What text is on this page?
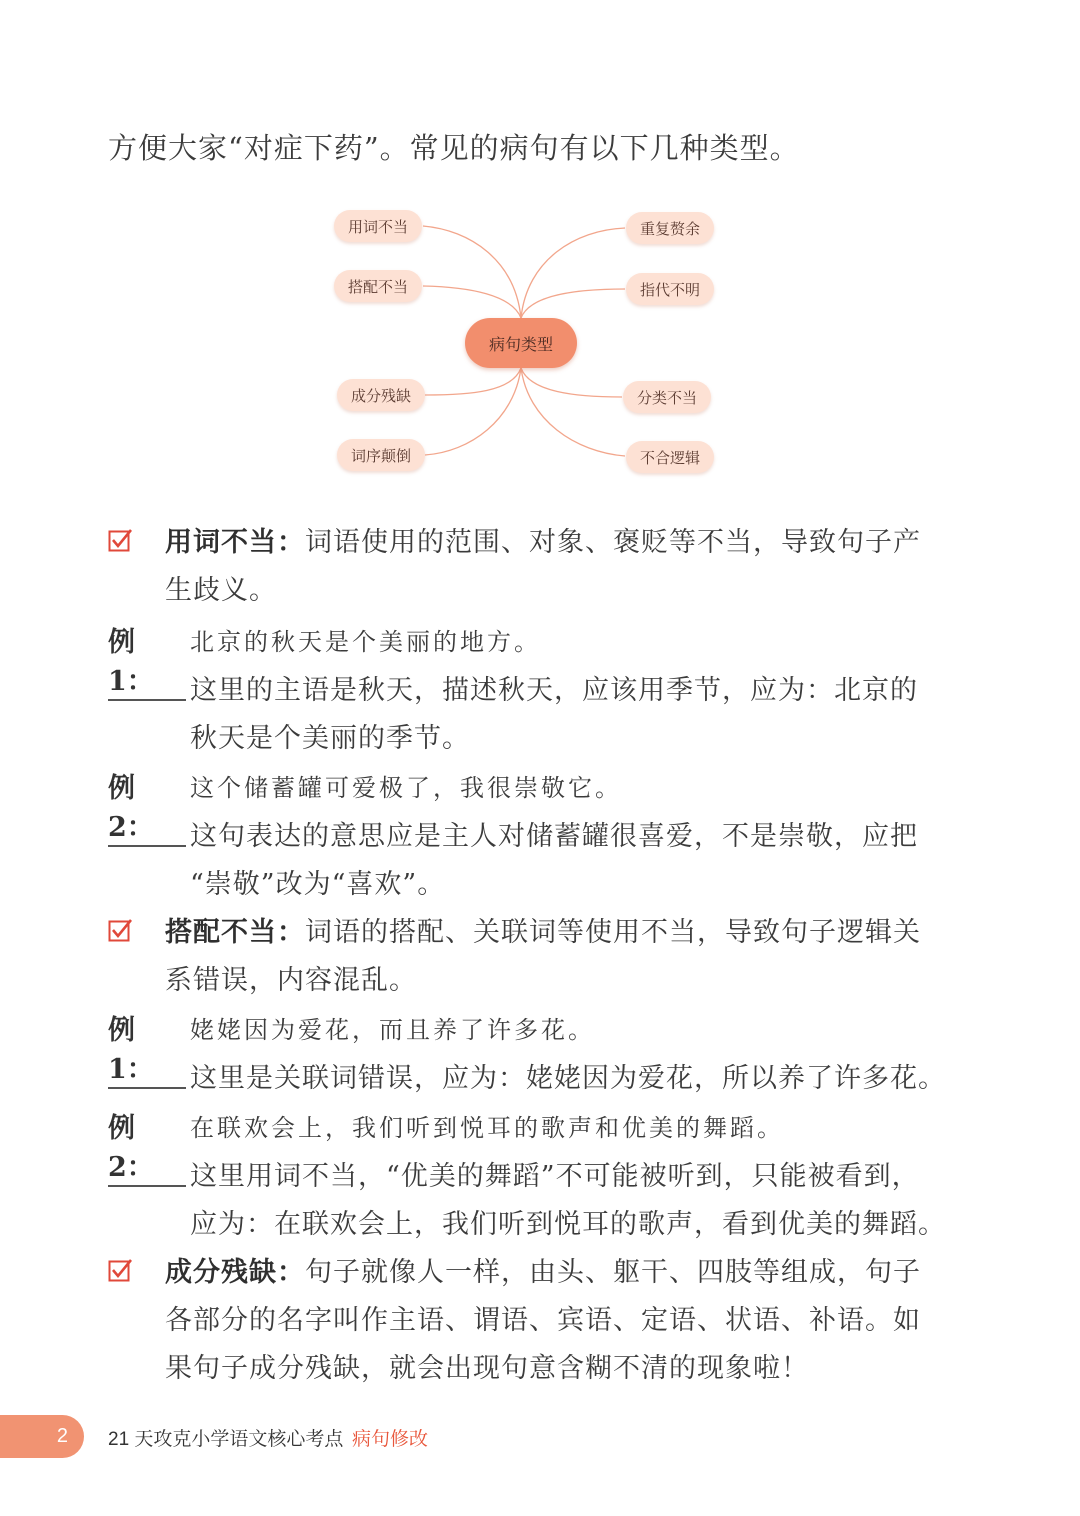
方便大家“对症下药”。常见的病句有以下几种类型。
用词不当
搭配不当
成分残缺
词序颠倒
重复赘余
指代不明
分类不当
不合逻辑
病句类型
用词不当：词语使用的范围、对象、褒贬等不当，导致句子产
生歧义。
例 1：
北京的秋天是个美丽的地方。
这里的主语是秋天，描述秋天，应该用季节，应为：北京的
秋天是个美丽的季节。
例 2：
这个储蓄罐可爱极了，我很崇敬它。
这句表达的意思应是主人对储蓄罐很喜爱，不是崇敬，应把
“崇敬”改为“喜欢”。
搭配不当：词语的搭配、关联词等使用不当，导致句子逻辑关
系错误，内容混乱。
例 1：
姥姥因为爱花，而且养了许多花。
这里是关联词错误，应为：姥姥因为爱花，所以养了许多花。
例 2：
在联欢会上，我们听到悦耳的歌声和优美的舞蹈。
这里用词不当，“优美的舞蹈”不可能被听到，只能被看到，
应为：在联欢会上，我们听到悦耳的歌声，看到优美的舞蹈。
成分残缺：句子就像人一样，由头、躯干、四肢等组成，句子
各部分的名字叫作主语、谓语、宾语、定语、状语、补语。如
果句子成分残缺，就会出现句意含糊不清的现象啦！
2 21 天攻克小学语文核心考点 病句修改
